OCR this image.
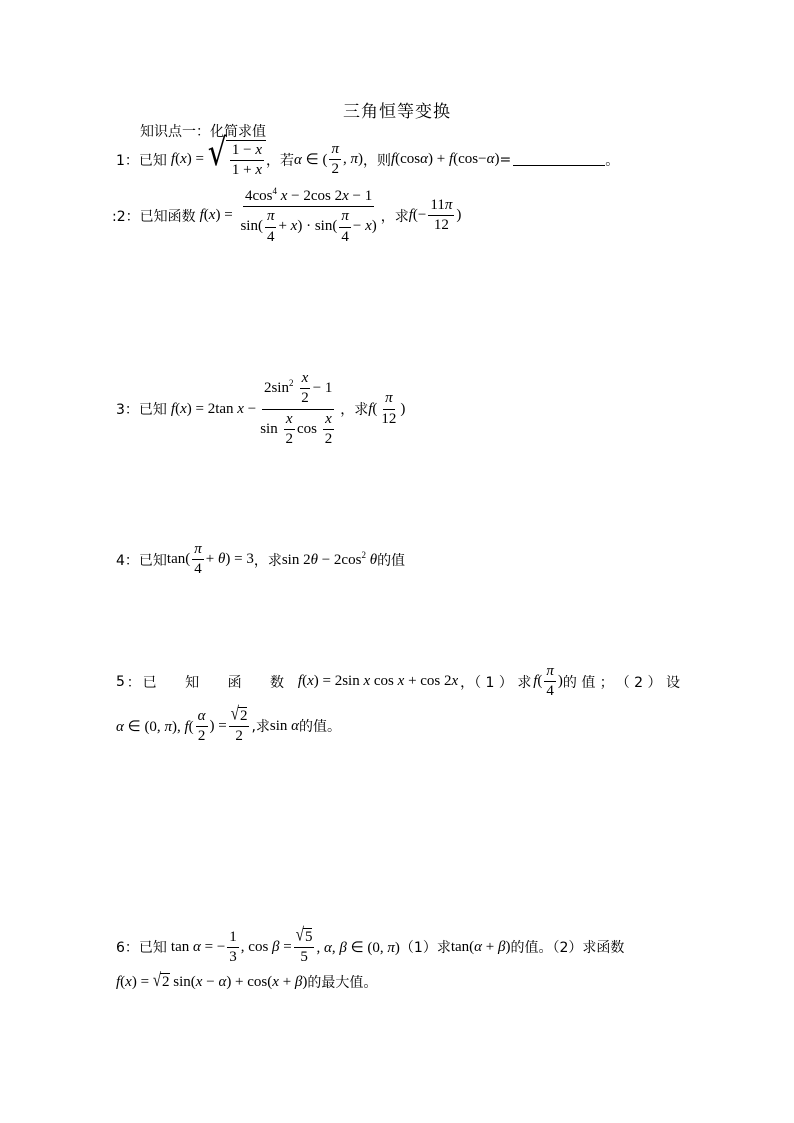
三角恒等变换
知识点一：化简求值
1： 已知 f(x) = √ $\frac{1 - x}{1 + x}$ ，若 α ∈ ( $\frac{\pi}{2}$ , π) ，则 f(cosα) + f(cos−α) =	。
:2： 已知函数 $f(x) = \frac{4\cos^4 x - 2\cos 2x - 1}{\sin( \frac{\pi}{4} + x) \cdot \sin( \frac{\pi}{4} - x)}$ ，求 $f(- \frac{11\pi}{12}$ )
3： 已知 f(x) = 2tan $x - \frac{2\sin^2 \frac{x}{2} - 1}{\sin \frac{x}{2} \cos \frac{x}{2}}$ ，求 $f( \frac{\pi}{12}$ )
4： 已知 $\tan( \frac{\pi}{4} + \theta) = 3$ ，求 $\sin 2\theta - 2\cos^2$ θ 的值
5 ： 已 知 函 数 f(x) = 2sin x cos x + cos 2x ，（ 1 ） 求 $f( \frac{\pi}{4}$ ) 的 值 ； （ 2 ） 设
α ∈ (0, π), $f( \frac{\alpha}{2}$ ) = $\frac{√ 2}{2}$ ,求 sin α 的值。
6： 已知 tan α = − $\frac{1}{3}$ , $\cos \beta = \frac{√ 5}{5}$ , α, β ∈ (0, π) （1）求 tan(α + β) 的值。（2）求函数
f(x) = √ 2 sin(x − α) + cos(x + β) 的最大值。
